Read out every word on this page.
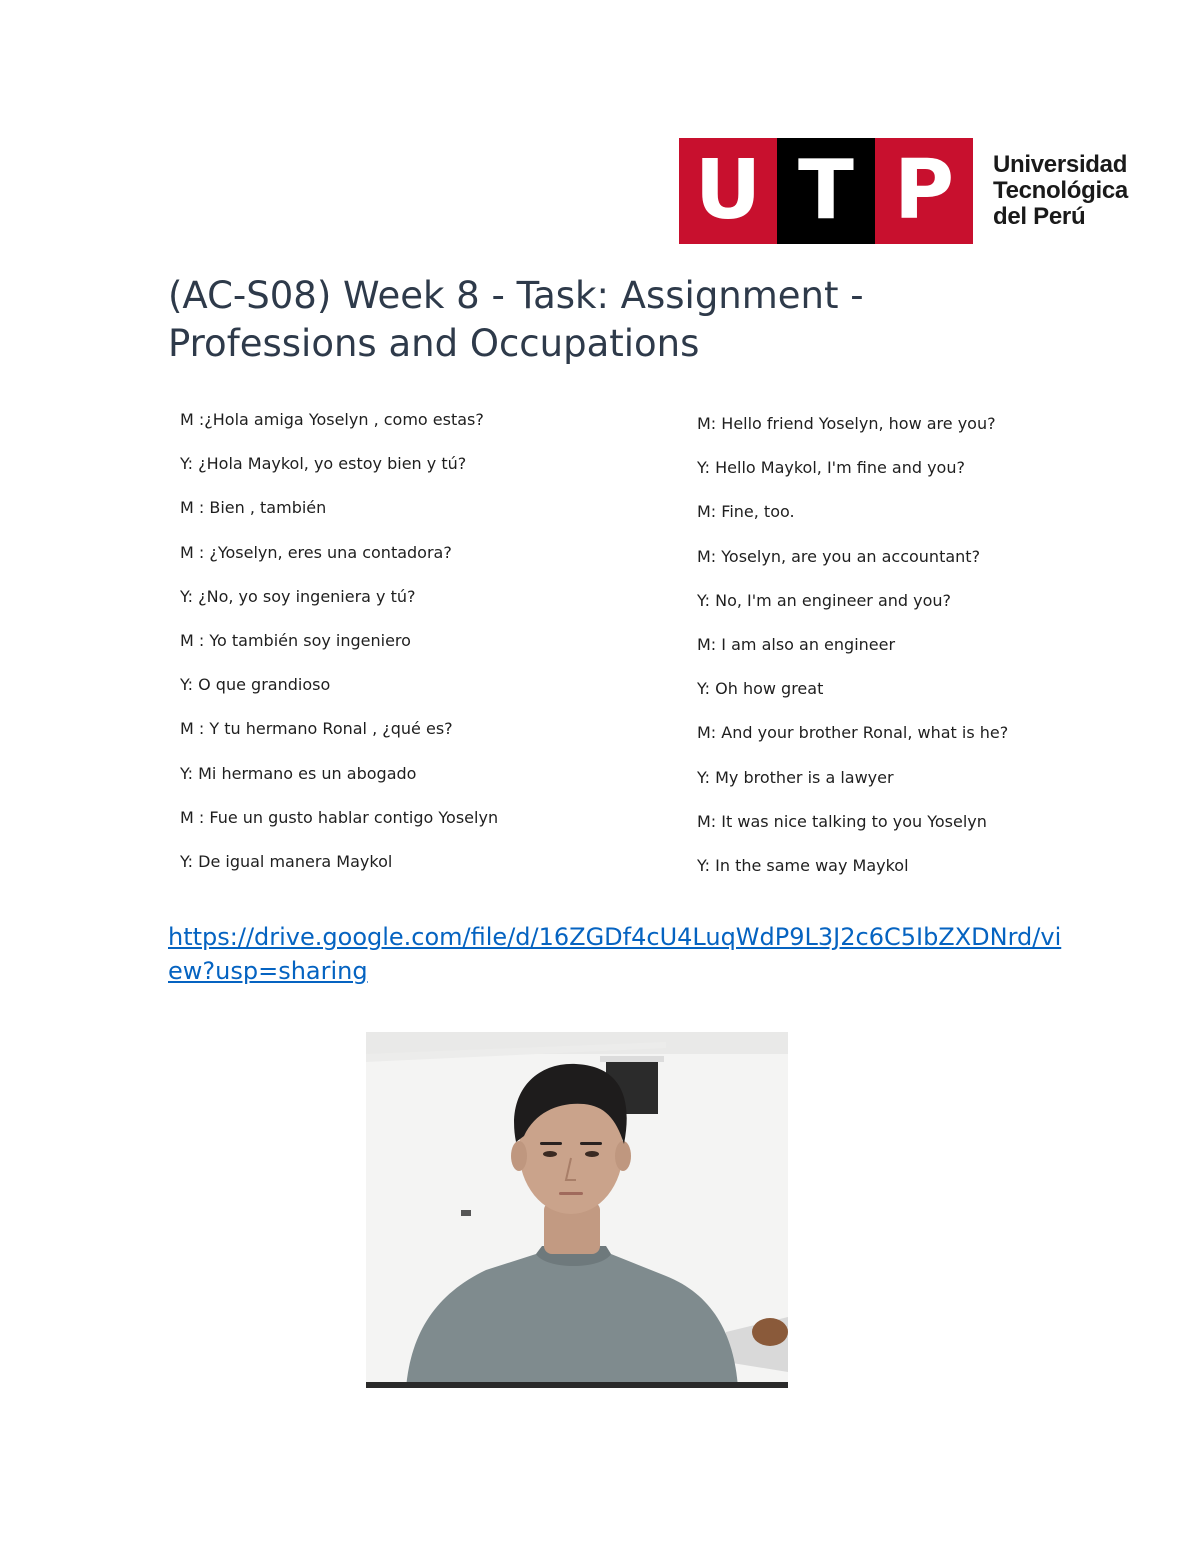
U T P	Universidad
Tecnológica
del Perú
(AC-S08) Week 8 - Task: Assignment - Professions and Occupations
M :¿Hola amiga Yoselyn , como estas?
Y: ¿Hola Maykol, yo estoy bien y tú?
M : Bien , también
M : ¿Yoselyn, eres una contadora?
Y: ¿No, yo soy ingeniera y tú?
M : Yo también soy ingeniero
Y: O que grandioso
M : Y tu hermano Ronal , ¿qué es?
Y: Mi hermano es un abogado
M : Fue un gusto hablar contigo Yoselyn
Y: De igual manera Maykol
M: Hello friend Yoselyn, how are you?
Y: Hello Maykol, I'm fine and you?
M: Fine, too.
M: Yoselyn, are you an accountant?
Y: No, I'm an engineer and you?
M: I am also an engineer
Y: Oh how great
M: And your brother Ronal, what is he?
Y: My brother is a lawyer
M: It was nice talking to you Yoselyn
Y: In the same way Maykol
https://drive.google.com/file/d/16ZGDf4cU4LuqWdP9L3J2c6C5IbZXDNrd/view?usp=sharing
